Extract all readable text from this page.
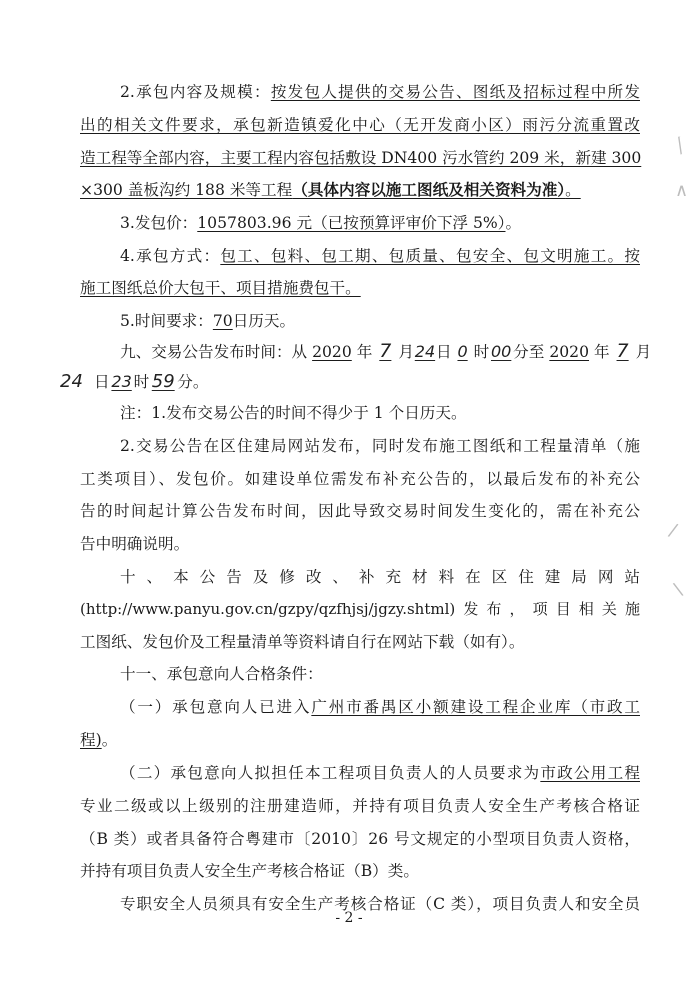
2.承包内容及规模：按发包人提供的交易公告、图纸及招标过程中所发
出的相关文件要求，承包新造镇爱化中心（无开发商小区）雨污分流重置改
造工程等全部内容，主要工程内容包括敷设 DN400 污水管约 209 米，新建 300
×300 盖板沟约 188 米等工程（具体内容以施工图纸及相关资料为准）。
3.发包价：1057803.96 元（已按预算评审价下浮 5%）。
4.承包方式：包工、包料、包工期、包质量、包安全、包文明施工。按
施工图纸总价大包干、项目措施费包干。
5.时间要求：70日历天。
九、交易公告发布时间：从 2020 年 7 月24日 0 时 00 分至 2020 年 7 月
24 日 23 时 59 分。
注：1.发布交易公告的时间不得少于 1 个日历天。
2.交易公告在区住建局网站发布，同时发布施工图纸和工程量清单（施
工类项目）、发包价。如建设单位需发布补充公告的，以最后发布的补充公
告的时间起计算公告发布时间，因此导致交易时间发生变化的，需在补充公
告中明确说明。
十、本公告及修改、补充材料在区住建局网站
(http://www.panyu.gov.cn/gzpy/qzfhjsj/jgzy.shtml)发布，项目相关施
工图纸、发包价及工程量清单等资料请自行在网站下载（如有）。
十一、承包意向人合格条件：
（一）承包意向人已进入广州市番禺区小额建设工程企业库（市政工
程)。
（二）承包意向人拟担任本工程项目负责人的人员要求为市政公用工程
专业二级或以上级别的注册建造师，并持有项目负责人安全生产考核合格证
（B 类）或者具备符合粤建市〔2010〕26 号文规定的小型项目负责人资格，
并持有项目负责人安全生产考核合格证（B）类。
专职安全人员须具有安全生产考核合格证（C 类），项目负责人和安全员
- 2 -
丨
∧
∕
∖
